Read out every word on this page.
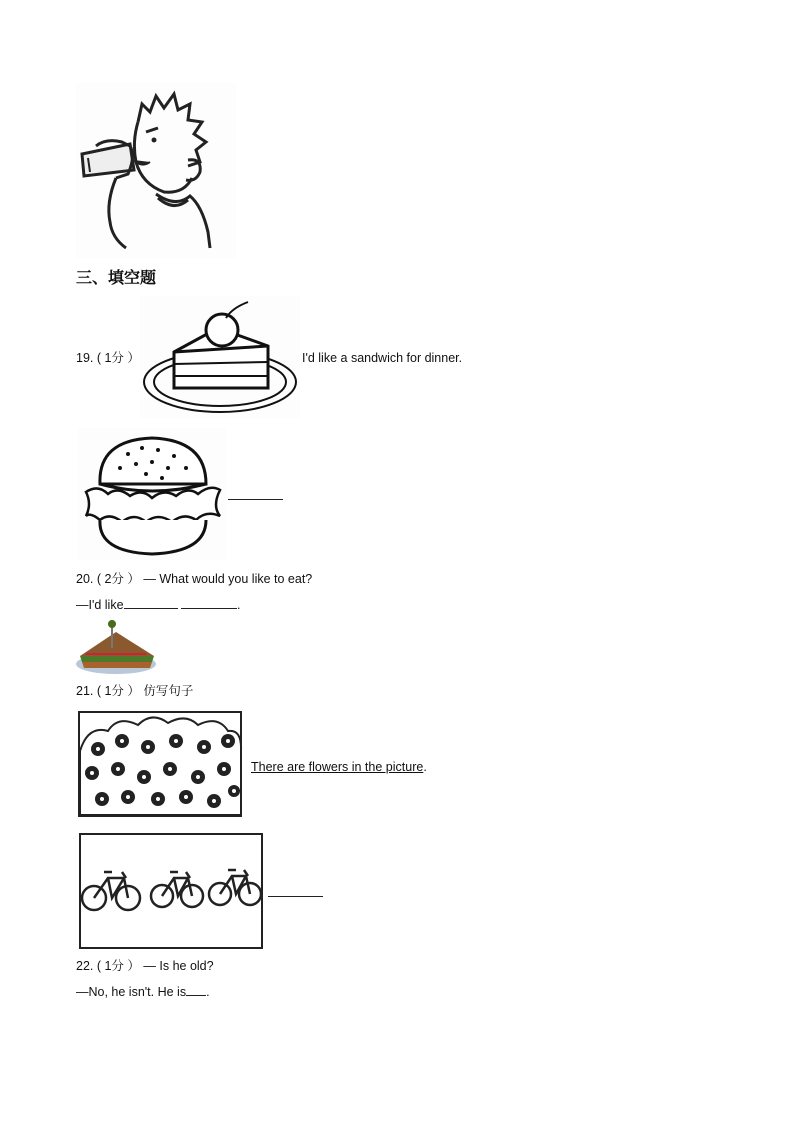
三、填空题
19. ( 1分 ）	I'd like a sandwich for dinner.
20. ( 2分 ） — What would you like to eat?
—I'd like	.
21. ( 1分 ） 仿写句子
There are flowers in the picture.
22. ( 1分 ） — Is he old?
—No, he isn't. He is .
